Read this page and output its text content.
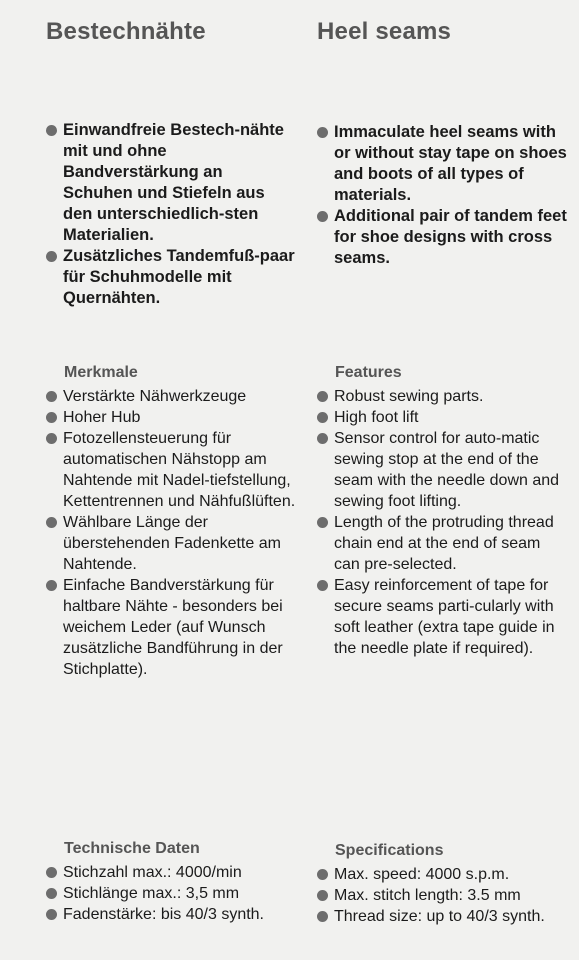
Bestechnähte
Einwandfreie Bestech-nähte mit und ohne Bandverstärkung an Schuhen und Stiefeln aus den unterschiedlich-sten Materialien.
Zusätzliches Tandemfuß-paar für Schuhmodelle mit Quernähten.
Merkmale
Verstärkte Nähwerkzeuge
Hoher Hub
Fotozellensteuerung für automatischen Nähstopp am Nahtende mit Nadel-tiefstellung, Kettentrennen und Nähfußlüften.
Wählbare Länge der überstehenden Fadenkette am Nahtende.
Einfache Bandverstärkung für haltbare Nähte - besonders bei weichem Leder (auf Wunsch zusätzliche Bandführung in der Stichplatte).
Technische Daten
Stichzahl max.: 4000/min
Stichlänge max.: 3,5 mm
Fadenstärke: bis 40/3 synth.
Heel seams
Immaculate heel seams with or without stay tape on shoes and boots of all types of materials.
Additional pair of tandem feet for shoe designs with cross seams.
Features
Robust sewing parts.
High foot lift
Sensor control for auto-matic sewing stop at the end of the seam with the needle down and sewing foot lifting.
Length of the protruding thread chain end at the end of seam can pre-selected.
Easy reinforcement of tape for secure seams parti-cularly with soft leather (extra tape guide in the needle plate if required).
Specifications
Max. speed: 4000 s.p.m.
Max. stitch length: 3.5 mm
Thread size: up to 40/3 synth.
